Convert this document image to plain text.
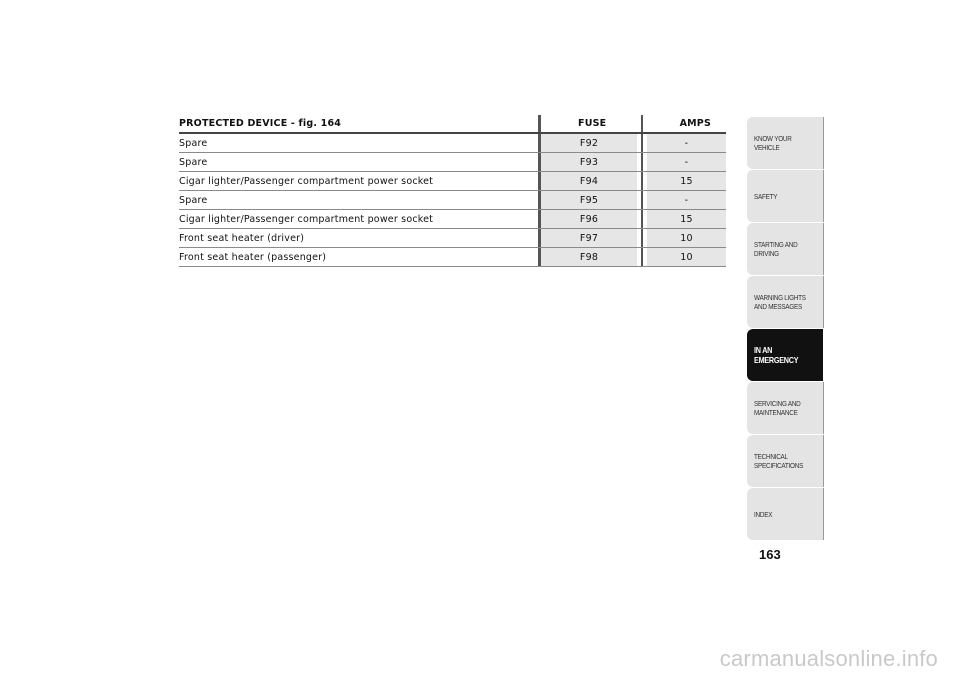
PROTECTED DEVICE - fig. 164	FUSE	AMPS
Spare	F92	-
Spare	F93	-
Cigar lighter/Passenger compartment power socket	F94	15
Spare	F95	-
Cigar lighter/Passenger compartment power socket	F96	15
Front seat heater (driver)	F97	10
Front seat heater (passenger)	F98	10
KNOW YOUR
VEHICLE
SAFETY
STARTING AND
DRIVING
WARNING LIGHTS
AND MESSAGES
IN AN
EMERGENCY
SERVICING AND
MAINTENANCE
TECHNICAL
SPECIFICATIONS
INDEX
163
carmanualsonline.info
